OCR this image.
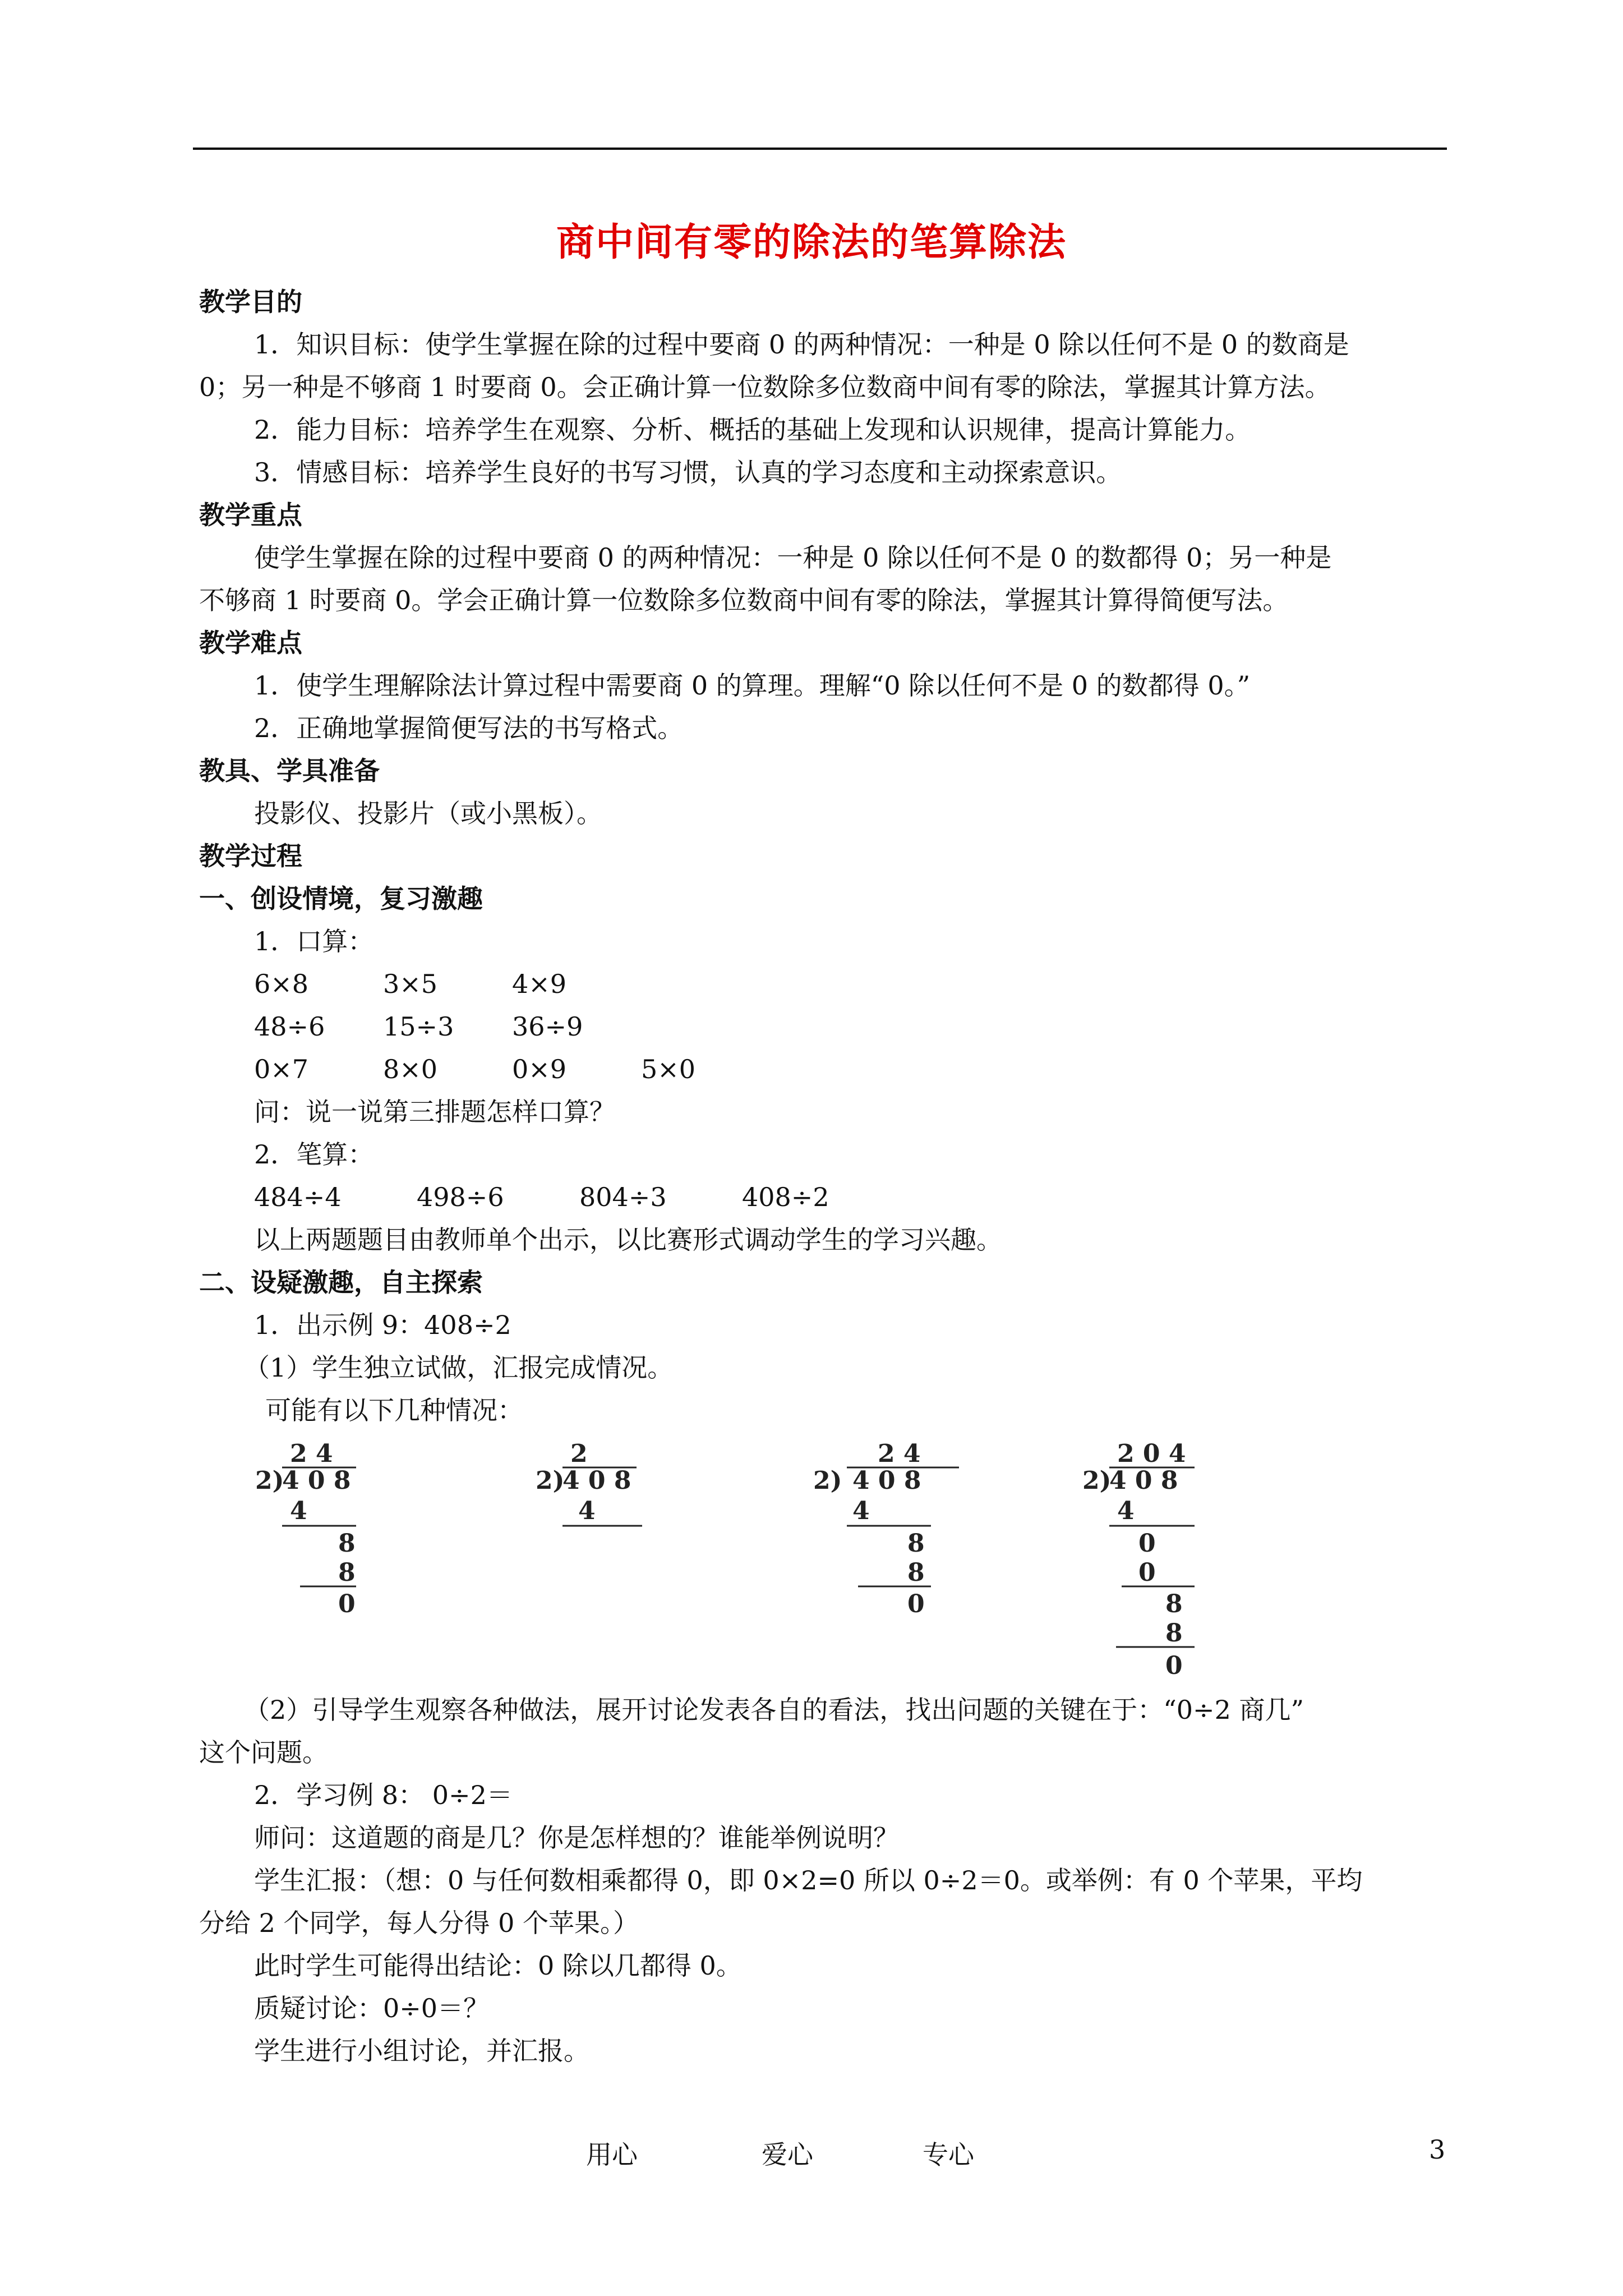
商中间有零的除法的笔算除法

教学目的

1．知识目标：使学生掌握在除的过程中要商 0 的两种情况：一种是 0 除以任何不是 0 的数商是

0；另一种是不够商 1 时要商 0。会正确计算一位数除多位数商中间有零的除法，掌握其计算方法。

2．能力目标：培养学生在观察、分析、概括的基础上发现和认识规律，提高计算能力。

3．情感目标：培养学生良好的书写习惯，认真的学习态度和主动探索意识。

教学重点

使学生掌握在除的过程中要商 0 的两种情况：一种是 0 除以任何不是 0 的数都得 0；另一种是

不够商 1 时要商 0。学会正确计算一位数除多位数商中间有零的除法，掌握其计算得简便写法。

教学难点

1．使学生理解除法计算过程中需要商 0 的算理。理解“0 除以任何不是 0 的数都得 0。”

2．正确地掌握简便写法的书写格式。

教具、学具准备

投影仪、投影片（或小黑板）。

教学过程

一、创设情境，复习激趣

1．口算：

6×8	3×5	4×9

48÷6 15÷3 36÷9

0×7	8×0	0×9	5×0

问：说一说第三排题怎样口算？

2．笔算：

484÷4	498÷6	804÷3	408÷2

以上两题题目由教师单个出示，以比赛形式调动学生的学习兴趣。

二、设疑激趣，自主探索

1．出示例 9：408÷2

（1）学生独立试做，汇报完成情况。

可能有以下几种情况：

2 4
2)
4 0 8
4
8
8
0
2
2)
4 0 8
4
2 4
2) 4 0 8
4
8
8
0
2 0 4
2)
4 0 8
4
0
0
8
8
0

（2）引导学生观察各种做法，展开讨论发表各自的看法，找出问题的关键在于：“0÷2 商几”

这个问题。

2．学习例 8： 0÷2＝

师问：这道题的商是几？你是怎样想的？谁能举例说明？

学生汇报：（想：0 与任何数相乘都得 0，即 0×2=0 所以 0÷2＝0。或举例：有 0 个苹果，平均

分给 2 个同学，每人分得 0 个苹果。）

此时学生可能得出结论：0 除以几都得 0。

质疑讨论：0÷0＝？

学生进行小组讨论，并汇报。

用心	爱心	专心	3
